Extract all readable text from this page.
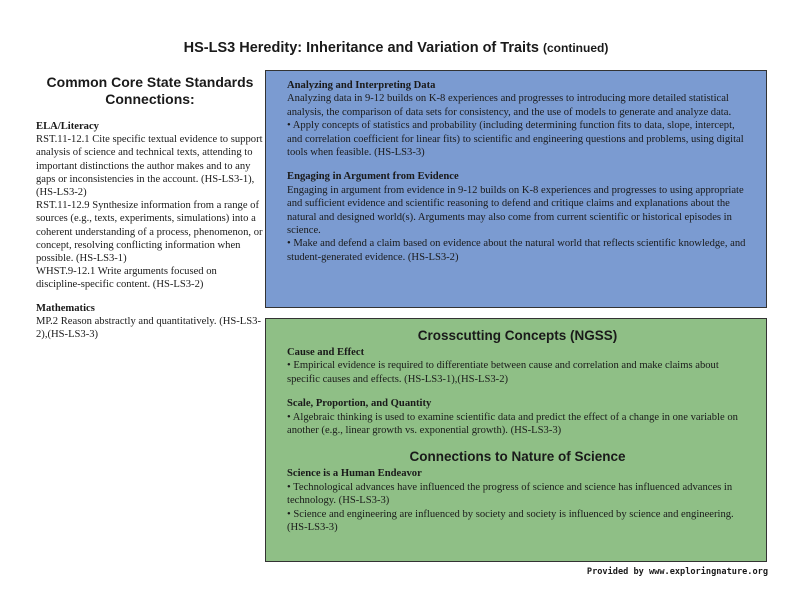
HS-LS3 Heredity: Inheritance and Variation of Traits (continued)
Common Core State Standards Connections:
ELA/Literacy

RST.11-12.1 Cite specific textual evidence to support analysis of science and technical texts, attending to important distinctions the author makes and to any gaps or inconsistencies in the account. (HS-LS3-1),(HS-LS3-2)

RST.11-12.9 Synthesize information from a range of sources (e.g., texts, experiments, simulations) into a coherent understanding of a process, phenomenon, or concept, resolving conflicting information when possible. (HS-LS3-1)

WHST.9-12.1 Write arguments focused on discipline-specific content. (HS-LS3-2)

Mathematics

MP.2 Reason abstractly and quantitatively. (HS-LS3-2),(HS-LS3-3)

Analyzing and Interpreting Data

Analyzing data in 9-12 builds on K-8 experiences and progresses to introducing more detailed statistical analysis, the comparison of data sets for consistency, and the use of models to generate and analyze data.

• Apply concepts of statistics and probability (including determining function fits to data, slope, intercept, and correlation coefficient for linear fits) to scientific and engineering questions and problems, using digital tools when feasible. (HS-LS3-3)

Engaging in Argument from Evidence

Engaging in argument from evidence in 9-12 builds on K-8 experiences and progresses to using appropriate and sufficient evidence and scientific reasoning to defend and critique claims and explanations about the natural and designed world(s). Arguments may also come from current scientific or historical episodes in science.

• Make and defend a claim based on evidence about the natural world that reflects scientific knowledge, and student-generated evidence. (HS-LS3-2)

Crosscutting Concepts (NGSS)
Cause and Effect

• Empirical evidence is required to differentiate between cause and correlation and make claims about specific causes and effects. (HS-LS3-1),(HS-LS3-2)

Scale, Proportion, and Quantity

• Algebraic thinking is used to examine scientific data and predict the effect of a change in one variable on another (e.g., linear growth vs. exponential growth). (HS-LS3-3)

Connections to Nature of Science
Science is a Human Endeavor

• Technological advances have influenced the progress of science and science has influenced advances in technology. (HS-LS3-3)

• Science and engineering are influenced by society and society is influenced by science and engineering. (HS-LS3-3)

Provided by www.exploringnature.org
